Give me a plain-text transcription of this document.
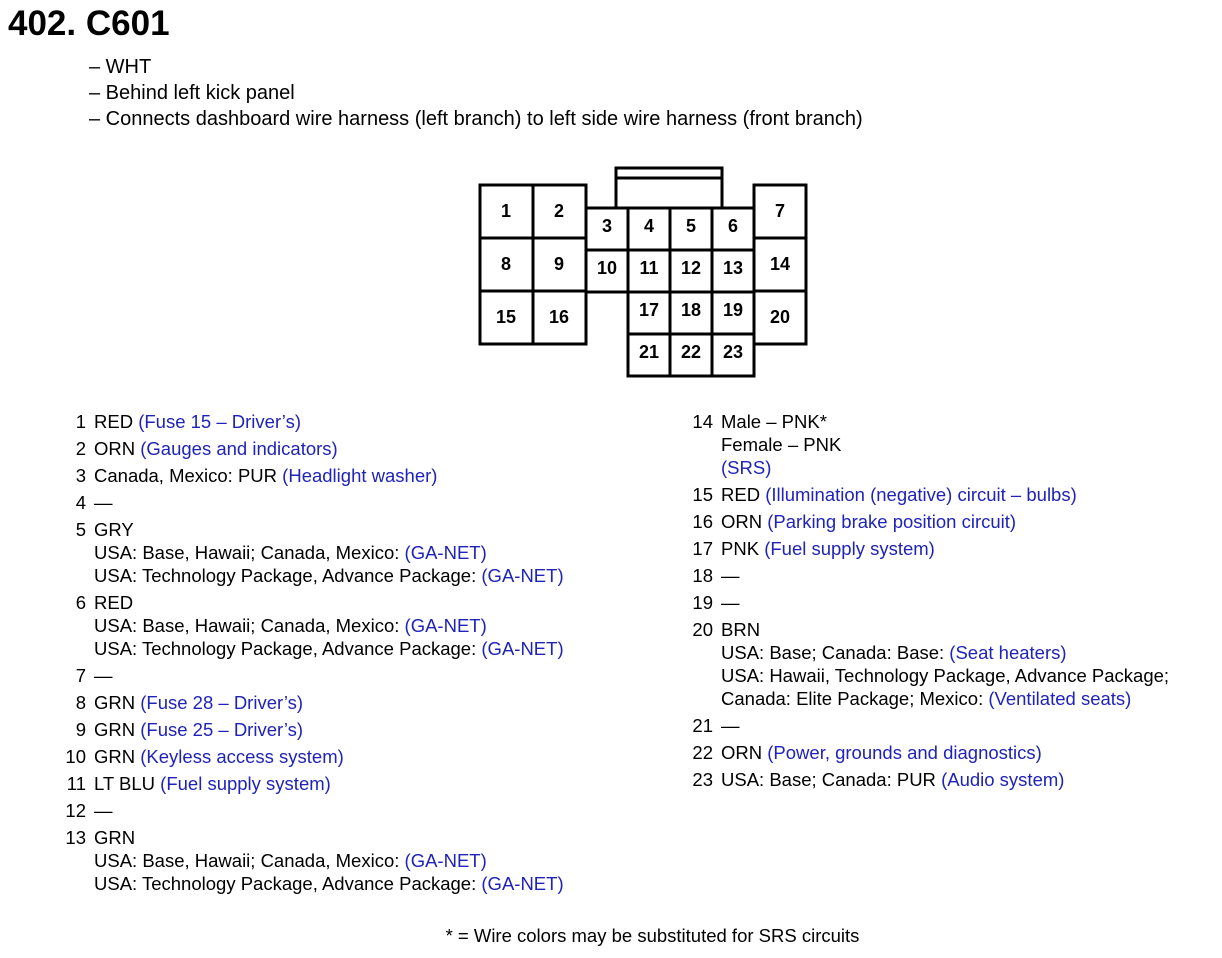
402. C601
– WHT
– Behind left kick panel
– Connects dashboard wire harness (left branch) to left side wire harness (front branch)
1 2
3 4 5 6
7
8 9 10 11 12 13 14
15 16	17 18 19 20
21 22 23
1 RED (Fuse 15 – Driver’s)
2 ORN (Gauges and indicators)
3 Canada, Mexico: PUR (Headlight washer)
4 —
5 GRY
USA: Base, Hawaii; Canada, Mexico: (GA-NET)
USA: Technology Package, Advance Package: (GA-NET)
6 RED
USA: Base, Hawaii; Canada, Mexico: (GA-NET)
USA: Technology Package, Advance Package: (GA-NET)
7 —
8 GRN (Fuse 28 – Driver’s)
9 GRN (Fuse 25 – Driver’s)
10 GRN (Keyless access system)
11 LT BLU (Fuel supply system)
12 —
13 GRN
USA: Base, Hawaii; Canada, Mexico: (GA-NET)
USA: Technology Package, Advance Package: (GA-NET)
14 Male – PNK*
Female – PNK
(SRS)
15 RED (Illumination (negative) circuit – bulbs)
16 ORN (Parking brake position circuit)
17 PNK (Fuel supply system)
18 —
19 —
20 BRN
USA: Base; Canada: Base: (Seat heaters)
USA: Hawaii, Technology Package, Advance Package;
Canada: Elite Package; Mexico: (Ventilated seats)
21 —
22 ORN (Power, grounds and diagnostics)
23 USA: Base; Canada: PUR (Audio system)

* = Wire colors may be substituted for SRS circuits
